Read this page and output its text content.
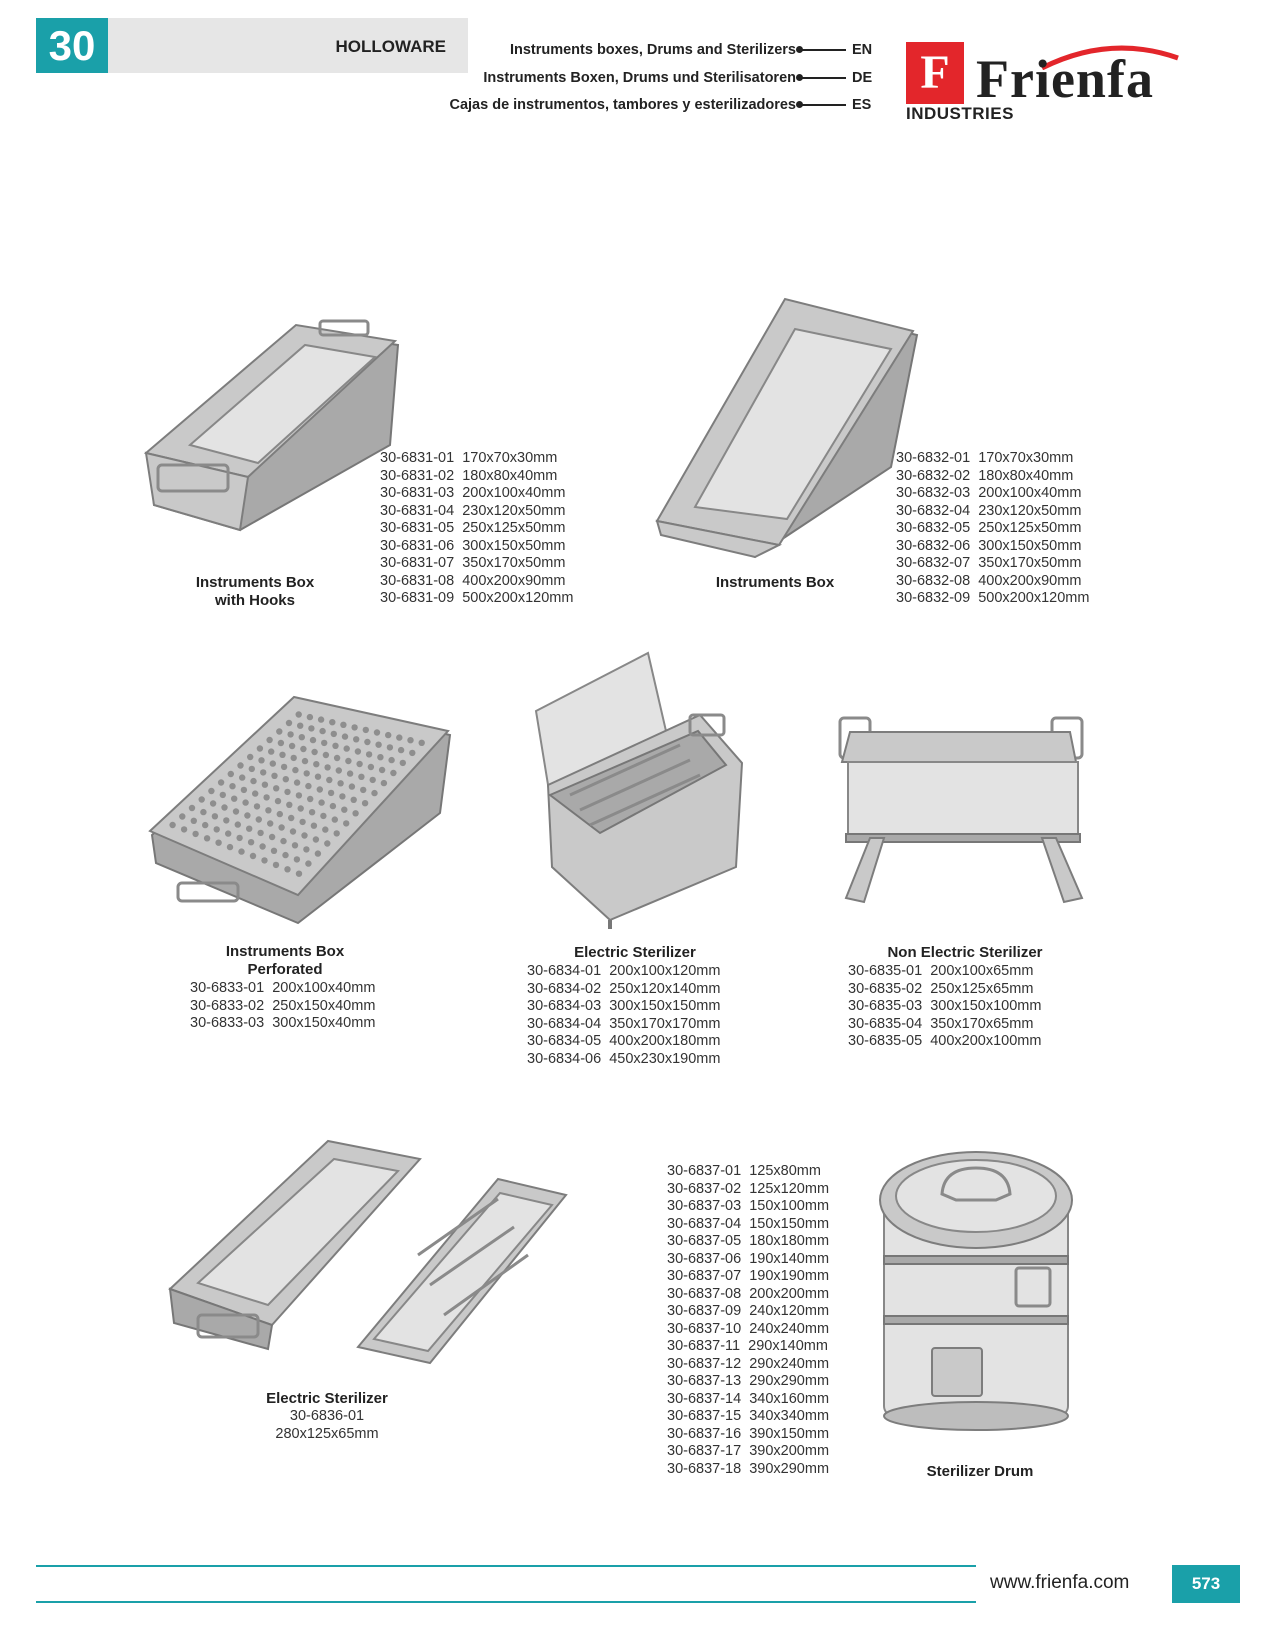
30	HOLLOWARE	Instruments boxes, Drums and Sterilizers	EN
Instruments Boxen, Drums und Sterilisatoren	DE
Cajas de instrumentos, tambores y esterilizadores	ES
F Frienfa
INDUSTRIES
30-6831-01  170x70x30mm
30-6831-02  180x80x40mm
30-6831-03  200x100x40mm
30-6831-04  230x120x50mm
30-6831-05  250x125x50mm
30-6831-06  300x150x50mm
30-6831-07  350x170x50mm
30-6831-08  400x200x90mm
30-6831-09  500x200x120mm
Instruments Box
with Hooks
30-6832-01  170x70x30mm
30-6832-02  180x80x40mm
30-6832-03  200x100x40mm
30-6832-04  230x120x50mm
30-6832-05  250x125x50mm
30-6832-06  300x150x50mm
30-6832-07  350x170x50mm
30-6832-08  400x200x90mm
30-6832-09  500x200x120mm
Instruments Box
Instruments Box
Perforated
30-6833-01  200x100x40mm
30-6833-02  250x150x40mm
30-6833-03  300x150x40mm
Electric Sterilizer
30-6834-01  200x100x120mm
30-6834-02  250x120x140mm
30-6834-03  300x150x150mm
30-6834-04  350x170x170mm
30-6834-05  400x200x180mm
30-6834-06  450x230x190mm
Non Electric Sterilizer
30-6835-01  200x100x65mm
30-6835-02  250x125x65mm
30-6835-03  300x150x100mm
30-6835-04  350x170x65mm
30-6835-05  400x200x100mm
Electric Sterilizer
30-6836-01
280x125x65mm
30-6837-01  125x80mm
30-6837-02  125x120mm
30-6837-03  150x100mm
30-6837-04  150x150mm
30-6837-05  180x180mm
30-6837-06  190x140mm
30-6837-07  190x190mm
30-6837-08  200x200mm
30-6837-09  240x120mm
30-6837-10  240x240mm
30-6837-11  290x140mm
30-6837-12  290x240mm
30-6837-13  290x290mm
30-6837-14  340x160mm
30-6837-15  340x340mm
30-6837-16  390x150mm
30-6837-17  390x200mm
30-6837-18  390x290mm	Sterilizer Drum
www.frienfa.com	573
